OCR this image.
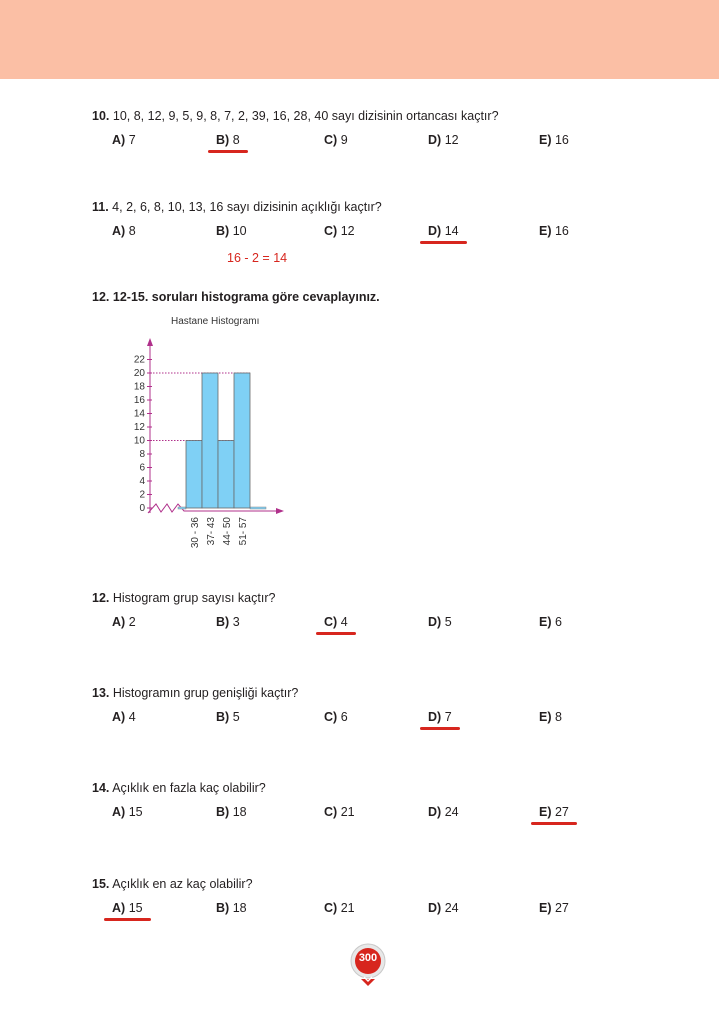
10. 10, 8, 12, 9, 5, 9, 8, 7, 2, 39, 16, 28, 40 sayı dizisinin ortancası kaçtır?
A) 7	B) 8	C) 9	D) 12	E) 16
11. 4, 2, 6, 8, 10, 13, 16 sayı dizisinin açıklığı kaçtır?
A) 8	B) 10	C) 12	D) 14	E) 16
16 - 2 = 14
12. 12-15. soruları histograma göre cevaplayınız.
Hastane Histogramı
0
2
4
6
8
10
12
14
16
18
20
22
30 - 36 37- 43 44- 50 51- 57
12. Histogram grup sayısı kaçtır?
A) 2	B) 3	C) 4	D) 5	E) 6
13. Histogramın grup genişliği kaçtır?
A) 4	B) 5	C) 6	D) 7	E) 8
14. Açıklık en fazla kaç olabilir?
A) 15	B) 18	C) 21	D) 24	E) 27
15. Açıklık en az kaç olabilir?
A) 15	B) 18	C) 21	D) 24	E) 27
300
